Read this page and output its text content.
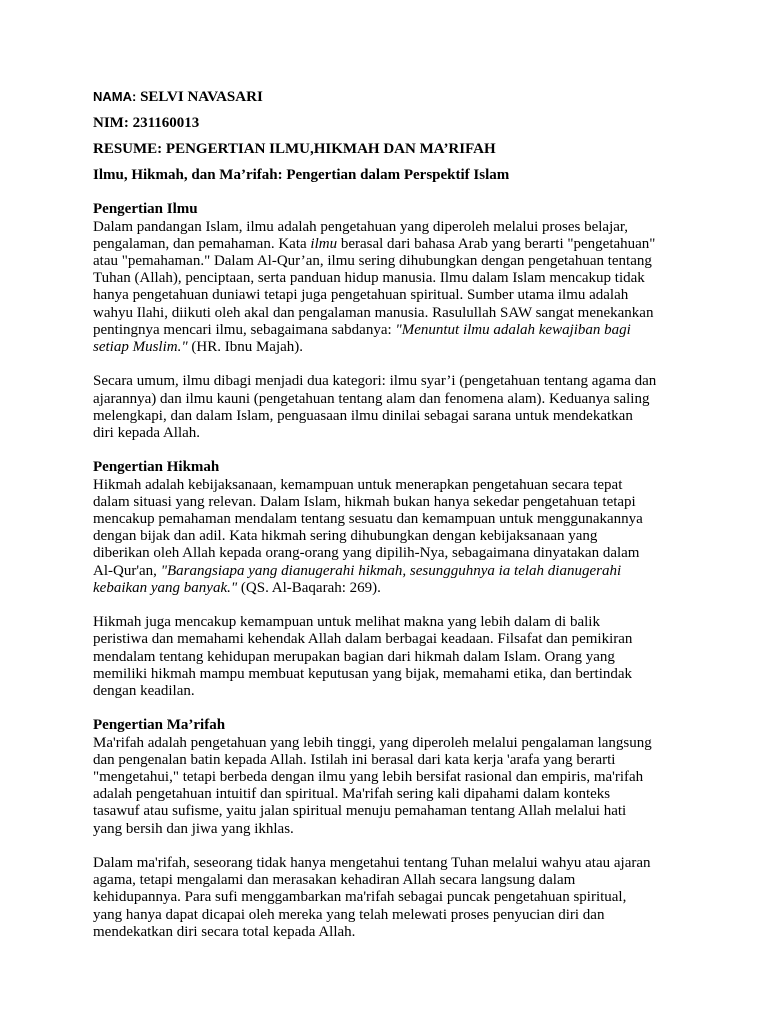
NAMA: SELVI NAVASARI
NIM: 231160013
RESUME: PENGERTIAN ILMU,HIKMAH DAN MA’RIFAH
Ilmu, Hikmah, dan Ma’rifah: Pengertian dalam Perspektif Islam
Pengertian Ilmu
Dalam pandangan Islam, ilmu adalah pengetahuan yang diperoleh melalui proses belajar,
pengalaman, dan pemahaman. Kata ilmu berasal dari bahasa Arab yang berarti "pengetahuan"
atau "pemahaman." Dalam Al-Qur’an, ilmu sering dihubungkan dengan pengetahuan tentang
Tuhan (Allah), penciptaan, serta panduan hidup manusia. Ilmu dalam Islam mencakup tidak
hanya pengetahuan duniawi tetapi juga pengetahuan spiritual. Sumber utama ilmu adalah
wahyu Ilahi, diikuti oleh akal dan pengalaman manusia. Rasulullah SAW sangat menekankan
pentingnya mencari ilmu, sebagaimana sabdanya: "Menuntut ilmu adalah kewajiban bagi
setiap Muslim." (HR. Ibnu Majah).
Secara umum, ilmu dibagi menjadi dua kategori: ilmu syar’i (pengetahuan tentang agama dan
ajarannya) dan ilmu kauni (pengetahuan tentang alam dan fenomena alam). Keduanya saling
melengkapi, dan dalam Islam, penguasaan ilmu dinilai sebagai sarana untuk mendekatkan
diri kepada Allah.
Pengertian Hikmah
Hikmah adalah kebijaksanaan, kemampuan untuk menerapkan pengetahuan secara tepat
dalam situasi yang relevan. Dalam Islam, hikmah bukan hanya sekedar pengetahuan tetapi
mencakup pemahaman mendalam tentang sesuatu dan kemampuan untuk menggunakannya
dengan bijak dan adil. Kata hikmah sering dihubungkan dengan kebijaksanaan yang
diberikan oleh Allah kepada orang-orang yang dipilih-Nya, sebagaimana dinyatakan dalam
Al-Qur'an, "Barangsiapa yang dianugerahi hikmah, sesungguhnya ia telah dianugerahi
kebaikan yang banyak." (QS. Al-Baqarah: 269).
Hikmah juga mencakup kemampuan untuk melihat makna yang lebih dalam di balik
peristiwa dan memahami kehendak Allah dalam berbagai keadaan. Filsafat dan pemikiran
mendalam tentang kehidupan merupakan bagian dari hikmah dalam Islam. Orang yang
memiliki hikmah mampu membuat keputusan yang bijak, memahami etika, dan bertindak
dengan keadilan.
Pengertian Ma’rifah
Ma'rifah adalah pengetahuan yang lebih tinggi, yang diperoleh melalui pengalaman langsung
dan pengenalan batin kepada Allah. Istilah ini berasal dari kata kerja 'arafa yang berarti
"mengetahui," tetapi berbeda dengan ilmu yang lebih bersifat rasional dan empiris, ma'rifah
adalah pengetahuan intuitif dan spiritual. Ma'rifah sering kali dipahami dalam konteks
tasawuf atau sufisme, yaitu jalan spiritual menuju pemahaman tentang Allah melalui hati
yang bersih dan jiwa yang ikhlas.
Dalam ma'rifah, seseorang tidak hanya mengetahui tentang Tuhan melalui wahyu atau ajaran
agama, tetapi mengalami dan merasakan kehadiran Allah secara langsung dalam
kehidupannya. Para sufi menggambarkan ma'rifah sebagai puncak pengetahuan spiritual,
yang hanya dapat dicapai oleh mereka yang telah melewati proses penyucian diri dan
mendekatkan diri secara total kepada Allah.
